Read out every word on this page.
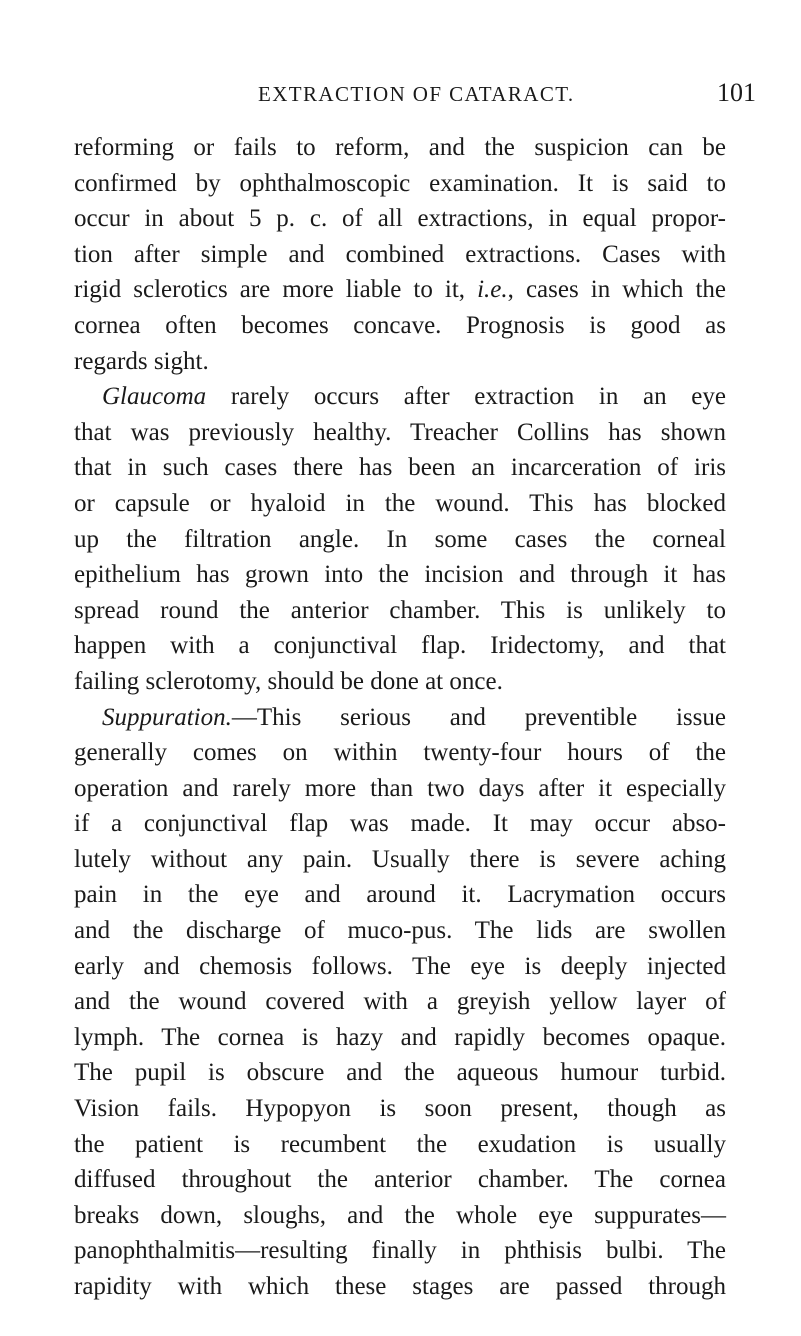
EXTRACTION OF CATARACT.	101
reforming or fails to reform, and the suspicion can be
confirmed by ophthalmoscopic examination. It is said to
occur in about 5 p. c. of all extractions, in equal propor-
tion after simple and combined extractions. Cases with
rigid sclerotics are more liable to it, i.e., cases in which the
cornea often becomes concave. Prognosis is good as
regards sight.
Glaucoma rarely occurs after extraction in an eye
that was previously healthy. Treacher Collins has shown
that in such cases there has been an incarceration of iris
or capsule or hyaloid in the wound. This has blocked
up the filtration angle. In some cases the corneal
epithelium has grown into the incision and through it has
spread round the anterior chamber. This is unlikely to
happen with a conjunctival flap. Iridectomy, and that
failing sclerotomy, should be done at once.
Suppuration.—This serious and preventible issue
generally comes on within twenty-four hours of the
operation and rarely more than two days after it especially
if a conjunctival flap was made. It may occur abso-
lutely without any pain. Usually there is severe aching
pain in the eye and around it. Lacrymation occurs
and the discharge of muco-pus. The lids are swollen
early and chemosis follows. The eye is deeply injected
and the wound covered with a greyish yellow layer of
lymph. The cornea is hazy and rapidly becomes opaque.
The pupil is obscure and the aqueous humour turbid.
Vision fails. Hypopyon is soon present, though as
the patient is recumbent the exudation is usually
diffused throughout the anterior chamber. The cornea
breaks down, sloughs, and the whole eye suppurates—
panophthalmitis—resulting finally in phthisis bulbi. The
rapidity with which these stages are passed through
